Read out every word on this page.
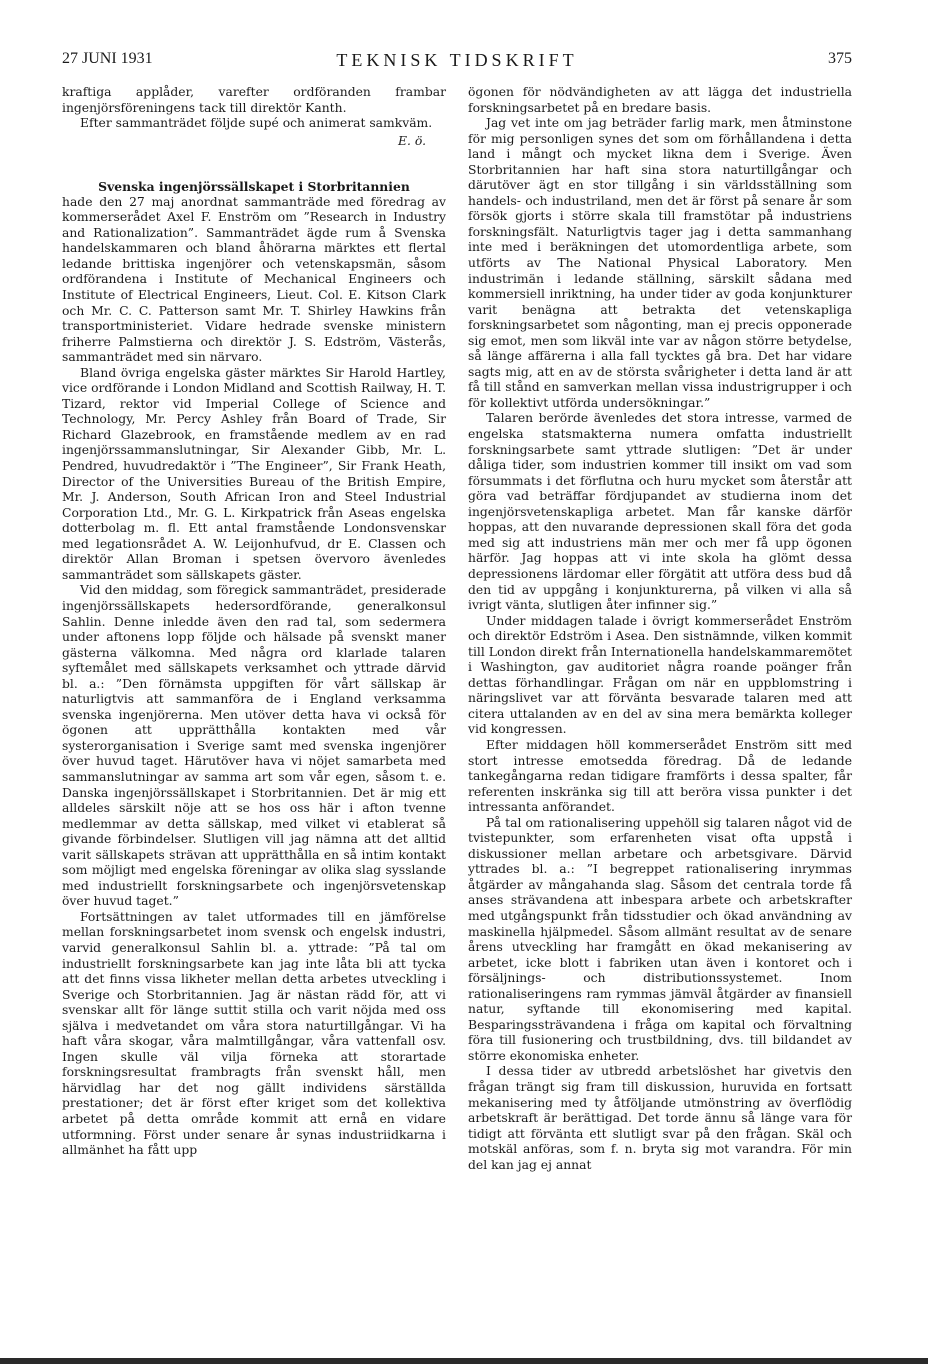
27 JUNI 1931	TEKNISK TIDSKRIFT	375

kraftiga applåder, varefter ordföranden frambar ingenjörsföreningens tack till direktör Kanth.

Efter sammanträdet följde supé och animerat samkväm.

E. ö.
Svenska ingenjörssällskapet i Storbritannien

hade den 27 maj anordnat sammanträde med föredrag av kommerserådet Axel F. Enström om ”Research in Industry and Rationalization”. Sammanträdet ägde rum å Svenska handelskammaren och bland åhörarna märktes ett flertal ledande brittiska ingenjörer och vetenskapsmän, såsom ordförandena i Institute of Mechanical Engineers och Institute of Electrical Engineers, Lieut. Col. E. Kitson Clark och Mr. C. C. Patterson samt Mr. T. Shirley Hawkins från transportministeriet. Vidare hedrade svenske ministern friherre Palmstierna och direktör J. S. Edström, Västerås, sammanträdet med sin närvaro.

Bland övriga engelska gäster märktes Sir Harold Hartley, vice ordförande i London Midland and Scottish Railway, H. T. Tizard, rektor vid Imperial College of Science and Technology, Mr. Percy Ashley från Board of Trade, Sir Richard Glazebrook, en framstående medlem av en rad ingenjörssammanslutningar, Sir Alexander Gibb, Mr. L. Pendred, huvudredaktör i ”The Engineer”, Sir Frank Heath, Director of the Universities Bureau of the British Empire, Mr. J. Anderson, South African Iron and Steel Industrial Corporation Ltd., Mr. G. L. Kirkpatrick från Aseas engelska dotterbolag m. fl. Ett antal framstående Londonsvenskar med legationsrådet A. W. Leijonhufvud, dr E. Classen och direktör Allan Broman i spetsen övervoro ävenledes sammanträdet som sällskapets gäster.

Vid den middag, som föregick sammanträdet, presiderade ingenjörssällskapets hedersordförande, generalkonsul Sahlin. Denne inledde även den rad tal, som sedermera under aftonens lopp följde och hälsade på svenskt maner gästerna välkomna. Med några ord klarlade talaren syftemålet med sällskapets verksamhet och yttrade därvid bl. a.: ”Den förnämsta uppgiften för vårt sällskap är naturligtvis att sammanföra de i England verksamma svenska ingenjörerna. Men utöver detta hava vi också för ögonen att upprätthålla kontakten med vår systerorganisation i Sverige samt med svenska ingenjörer över huvud taget. Härutöver hava vi nöjet samarbeta med sammanslutningar av samma art som vår egen, såsom t. e. Danska ingenjörssällskapet i Storbritannien. Det är mig ett alldeles särskilt nöje att se hos oss här i afton tvenne medlemmar av detta sällskap, med vilket vi etablerat så givande förbindelser. Slutligen vill jag nämna att det alltid varit sällskapets strävan att upprätthålla en så intim kontakt som möjligt med engelska föreningar av olika slag sysslande med industriellt forskningsarbete och ingenjörsvetenskap över huvud taget.”

Fortsättningen av talet utformades till en jämförelse mellan forskningsarbetet inom svensk och engelsk industri, varvid generalkonsul Sahlin bl. a. yttrade: ”På tal om industriellt forskningsarbete kan jag inte låta bli att tycka att det finns vissa likheter mellan detta arbetes utveckling i Sverige och Storbritannien. Jag är nästan rädd för, att vi svenskar allt för länge suttit stilla och varit nöjda med oss själva i medvetandet om våra stora naturtillgångar. Vi ha haft våra skogar, våra malmtillgångar, våra vattenfall osv. Ingen skulle väl vilja förneka att storartade forskningsresultat frambragts från svenskt håll, men härvidlag har det nog gällt individens särställda prestationer; det är först efter kriget som det kollektiva arbetet på detta område kommit att ernå en vidare utformning. Först under senare år synas industriidkarna i allmänhet ha fått upp

ögonen för nödvändigheten av att lägga det industriella forskningsarbetet på en bredare basis.

Jag vet inte om jag beträder farlig mark, men åtminstone för mig personligen synes det som om förhållandena i detta land i mångt och mycket likna dem i Sverige. Även Storbritannien har haft sina stora naturtillgångar och därutöver ägt en stor tillgång i sin världsställning som handels- och industriland, men det är först på senare år som försök gjorts i större skala till framstötar på industriens forskningsfält. Naturligtvis tager jag i detta sammanhang inte med i beräkningen det utomordentliga arbete, som utförts av The National Physical Laboratory. Men industrimän i ledande ställning, särskilt sådana med kommersiell inriktning, ha under tider av goda konjunkturer varit benägna att betrakta det vetenskapliga forskningsarbetet som någonting, man ej precis opponerade sig emot, men som likväl inte var av någon större betydelse, så länge affärerna i alla fall tycktes gå bra. Det har vidare sagts mig, att en av de största svårigheter i detta land är att få till stånd en samverkan mellan vissa industrigrupper i och för kollektivt utförda undersökningar.”

Talaren berörde ävenledes det stora intresse, varmed de engelska statsmakterna numera omfatta industriellt forskningsarbete samt yttrade slutligen: ”Det är under dåliga tider, som industrien kommer till insikt om vad som försummats i det förflutna och huru mycket som återstår att göra vad beträffar fördjupandet av studierna inom det ingenjörsvetenskapliga arbetet. Man får kanske därför hoppas, att den nuvarande depressionen skall föra det goda med sig att industriens män mer och mer få upp ögonen härför. Jag hoppas att vi inte skola ha glömt dessa depressionens lärdomar eller förgätit att utföra dess bud då den tid av uppgång i konjunkturerna, på vilken vi alla så ivrigt vänta, slutligen åter infinner sig.”

Under middagen talade i övrigt kommerserådet Enström och direktör Edström i Asea. Den sistnämnde, vilken kommit till London direkt från Internationella handelskammaremötet i Washington, gav auditoriet några roande poänger från dettas förhandlingar. Frågan om när en uppblomstring i näringslivet var att förvänta besvarade talaren med att citera uttalanden av en del av sina mera bemärkta kolleger vid kongressen.

Efter middagen höll kommerserådet Enström sitt med stort intresse emotsedda föredrag. Då de ledande tankegångarna redan tidigare framförts i dessa spalter, får referenten inskränka sig till att beröra vissa punkter i det intressanta anförandet.

På tal om rationalisering uppehöll sig talaren något vid de tvistepunkter, som erfarenheten visat ofta uppstå i diskussioner mellan arbetare och arbetsgivare. Därvid yttrades bl. a.: ”I begreppet rationalisering inrymmas åtgärder av mångahanda slag. Såsom det centrala torde få anses strävandena att inbespara arbete och arbetskrafter med utgångspunkt från tidsstudier och ökad användning av maskinella hjälpmedel. Såsom allmänt resultat av de senare årens utveckling har framgått en ökad mekanisering av arbetet, icke blott i fabriken utan även i kontoret och i försäljnings- och distributionssystemet. Inom rationaliseringens ram rymmas jämväl åtgärder av finansiell natur, syftande till ekonomisering med kapital. Besparingssträvandena i fråga om kapital och förvaltning föra till fusionering och trustbildning, dvs. till bildandet av större ekonomiska enheter.

I dessa tider av utbredd arbetslöshet har givetvis den frågan trängt sig fram till diskussion, huruvida en fortsatt mekanisering med ty åtföljande utmönstring av överflödig arbetskraft är berättigad. Det torde ännu så länge vara för tidigt att förvänta ett slutligt svar på den frågan. Skäl och motskäl anföras, som f. n. bryta sig mot varandra. För min del kan jag ej annat
